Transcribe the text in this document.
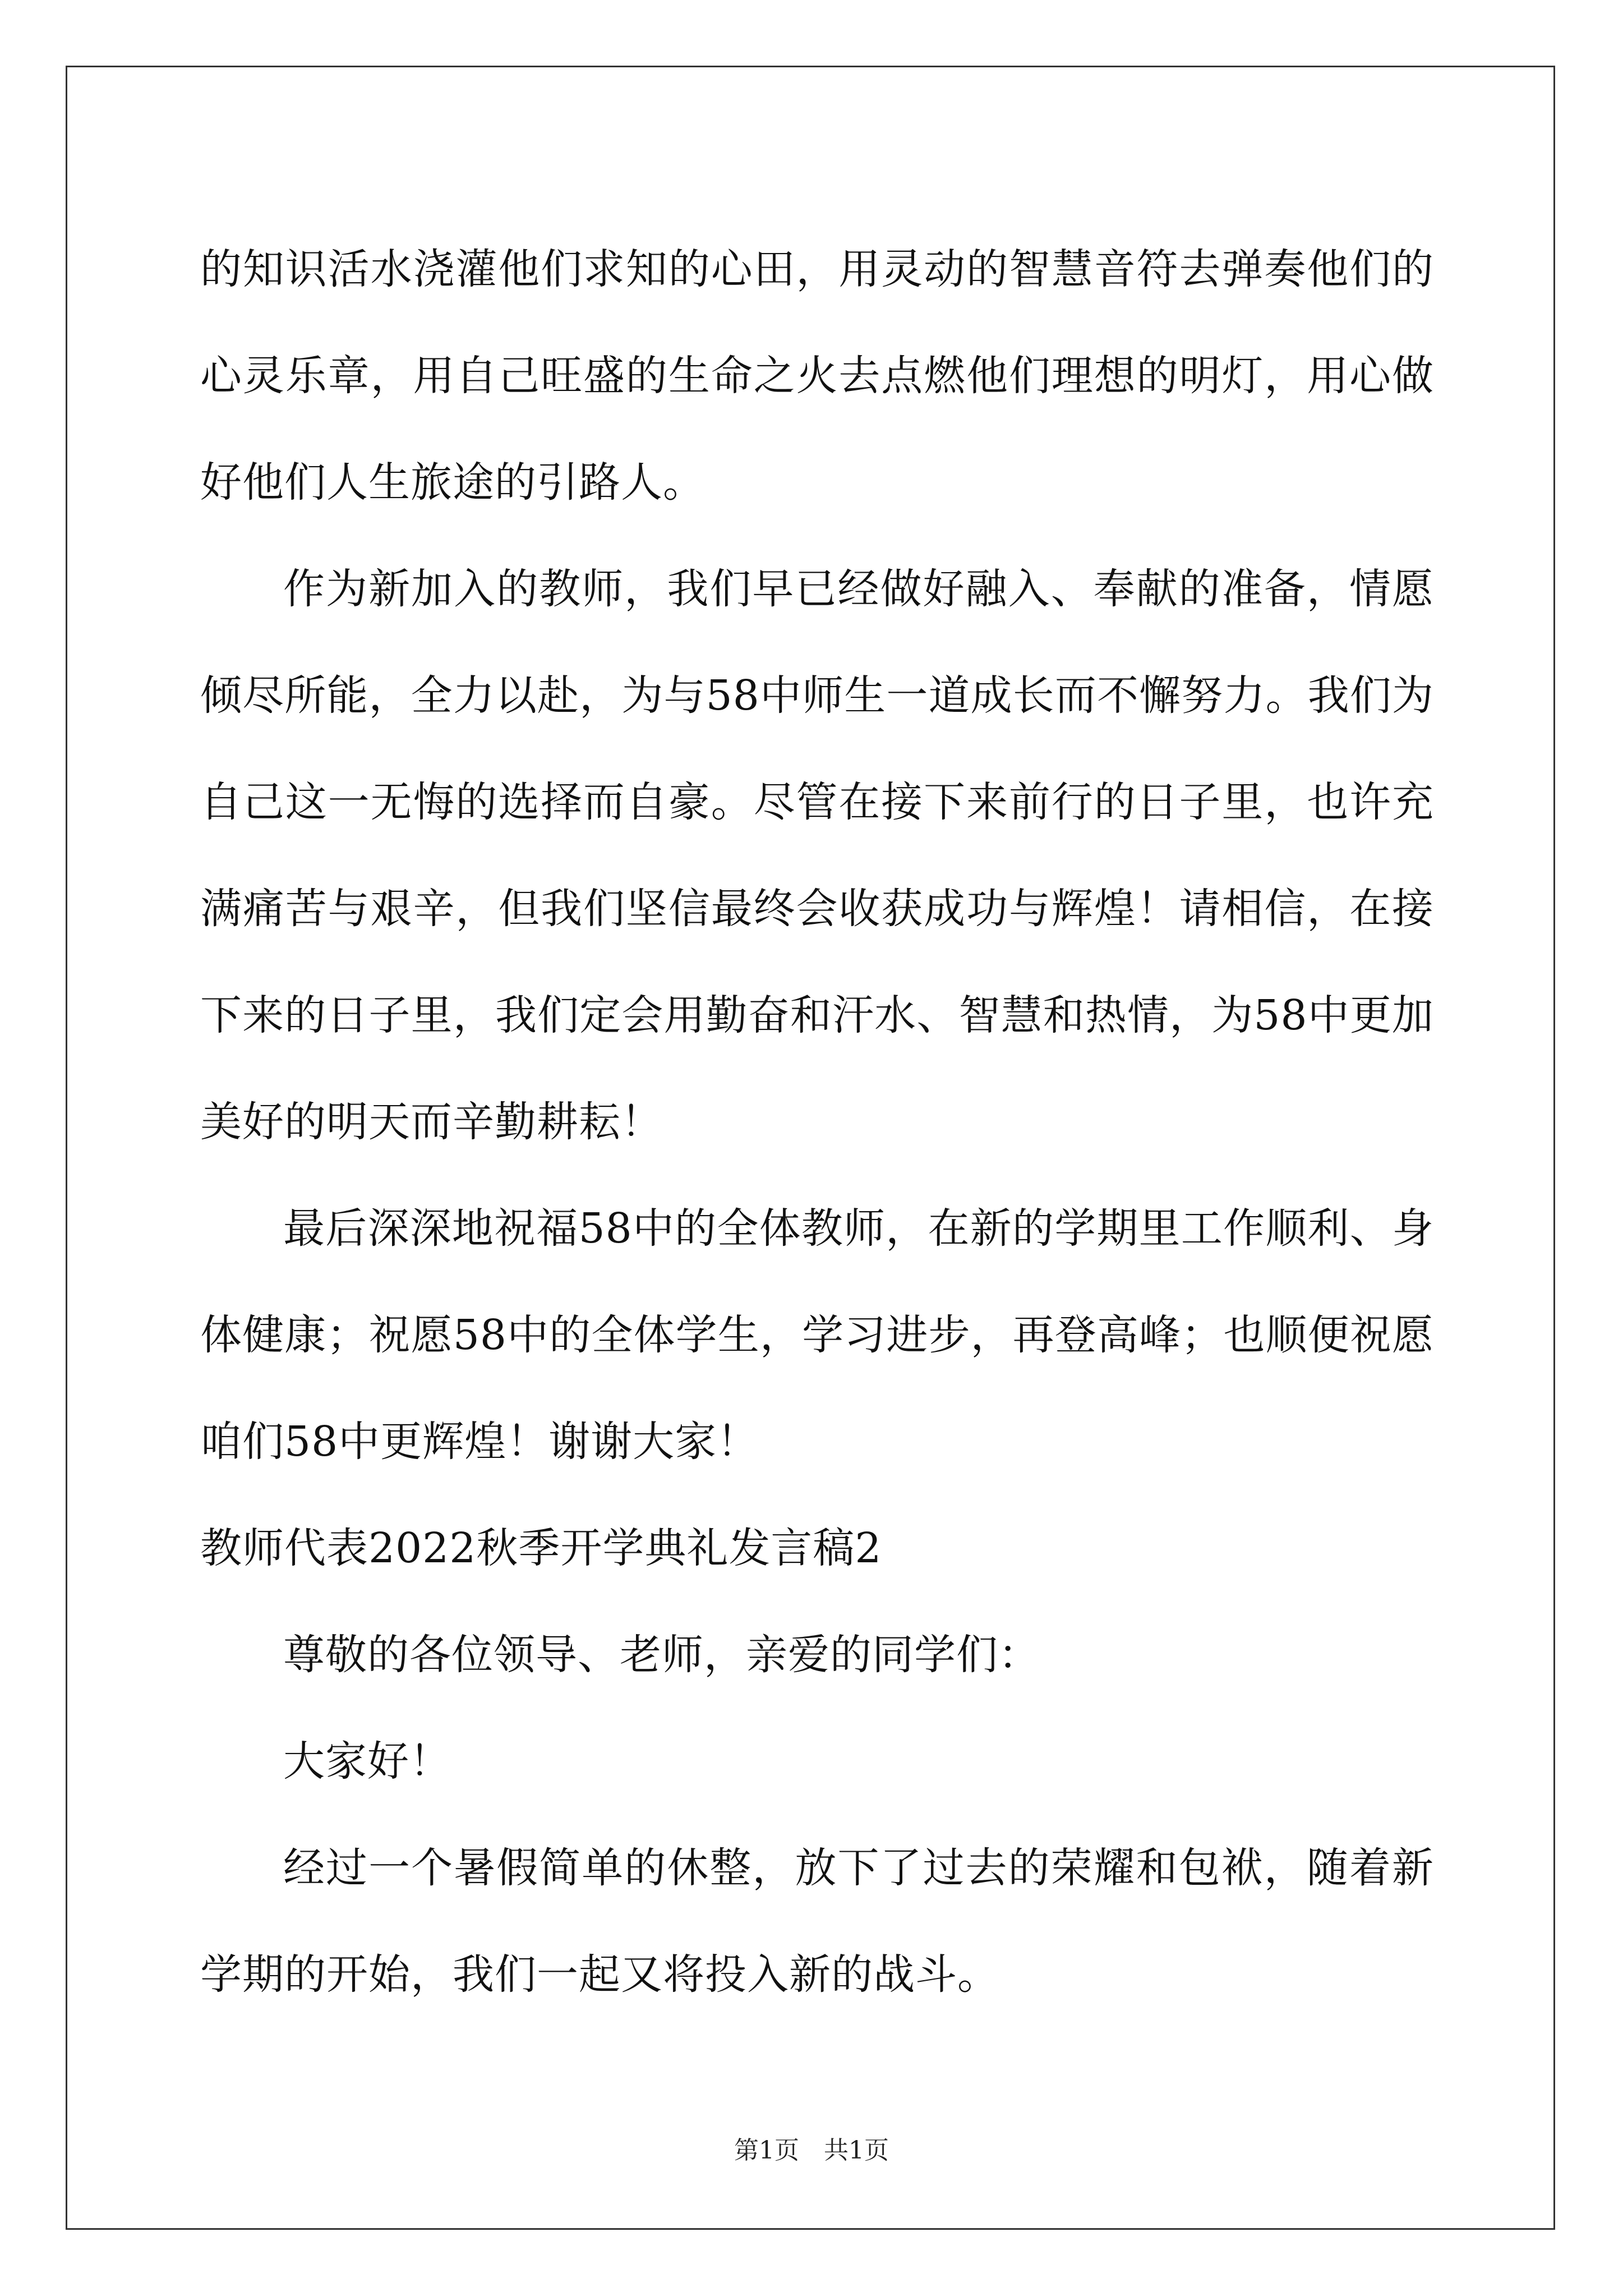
的知识活水浇灌他们求知的心田，用灵动的智慧音符去弹奏他们的心灵乐章，用自己旺盛的生命之火去点燃他们理想的明灯，用心做好他们人生旅途的引路人。

作为新加入的教师，我们早已经做好融入、奉献的准备，情愿倾尽所能，全力以赴，为与58中师生一道成长而不懈努力。我们为自己这一无悔的选择而自豪。尽管在接下来前行的日子里，也许充满痛苦与艰辛，但我们坚信最终会收获成功与辉煌！请相信，在接下来的日子里，我们定会用勤奋和汗水、智慧和热情，为58中更加美好的明天而辛勤耕耘！

最后深深地祝福58中的全体教师，在新的学期里工作顺利、身体健康；祝愿58中的全体学生，学习进步，再登高峰；也顺便祝愿咱们58中更辉煌！谢谢大家！

教师代表2022秋季开学典礼发言稿2

尊敬的各位领导、老师，亲爱的同学们：

大家好！

经过一个暑假简单的休整，放下了过去的荣耀和包袱，随着新学期的开始，我们一起又将投入新的战斗。

第1页　共1页
